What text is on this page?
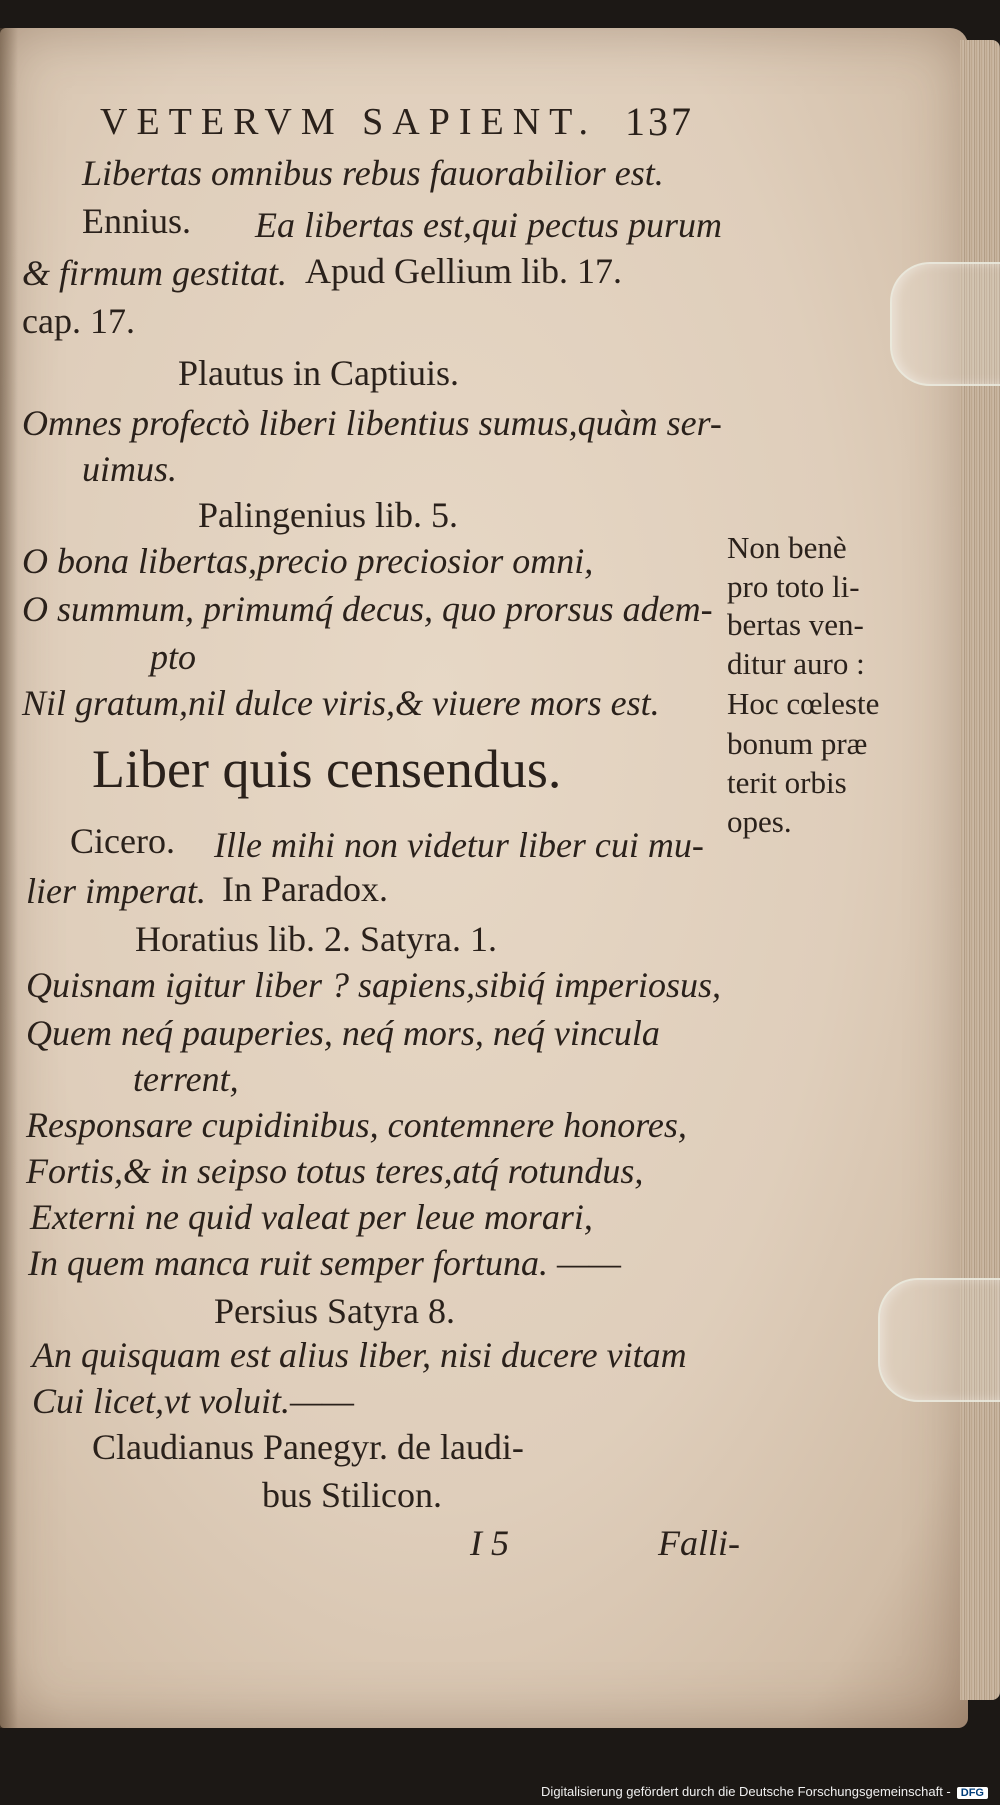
VETERVM SAPIENT. 137
Libertas omnibus rebus fauorabilior est.
Ennius. Ea libertas est,qui pectus purum
& firmum gestitat. Apud Gellium lib. 17.
cap. 17.
Plautus in Captiuis.
Omnes profectò liberi libentius sumus,quàm ser-
uimus.
Palingenius lib. 5.
O bona libertas,precio preciosior omni,
O summum, primumq́ decus, quo prorsus adem-
pto
Nil gratum,nil dulce viris,& viuere mors est.
Liber quis censendus.
Cicero. Ille mihi non videtur liber cui mu-
lier imperat. In Paradox.
Horatius lib. 2. Satyra. 1.
Quisnam igitur liber ? sapiens,sibiq́ imperiosus,
Quem neq́ pauperies, neq́ mors, neq́ vincula
terrent,
Responsare cupidinibus, contemnere honores,
Fortis,& in seipso totus teres,atq́ rotundus,
Externi ne quid valeat per leue morari,
In quem manca ruit semper fortuna. ——
Persius Satyra 8.
An quisquam est alius liber, nisi ducere vitam
Cui licet,vt voluit.——
Claudianus Panegyr. de laudi-
bus Stilicon.
I 5	Falli-
Non benè
pro toto li-
bertas ven-
ditur auro :
Hoc cœleste
bonum præ
terit orbis
opes.
Digitalisierung gefördert durch die Deutsche Forschungsgemeinschaft - DFG
